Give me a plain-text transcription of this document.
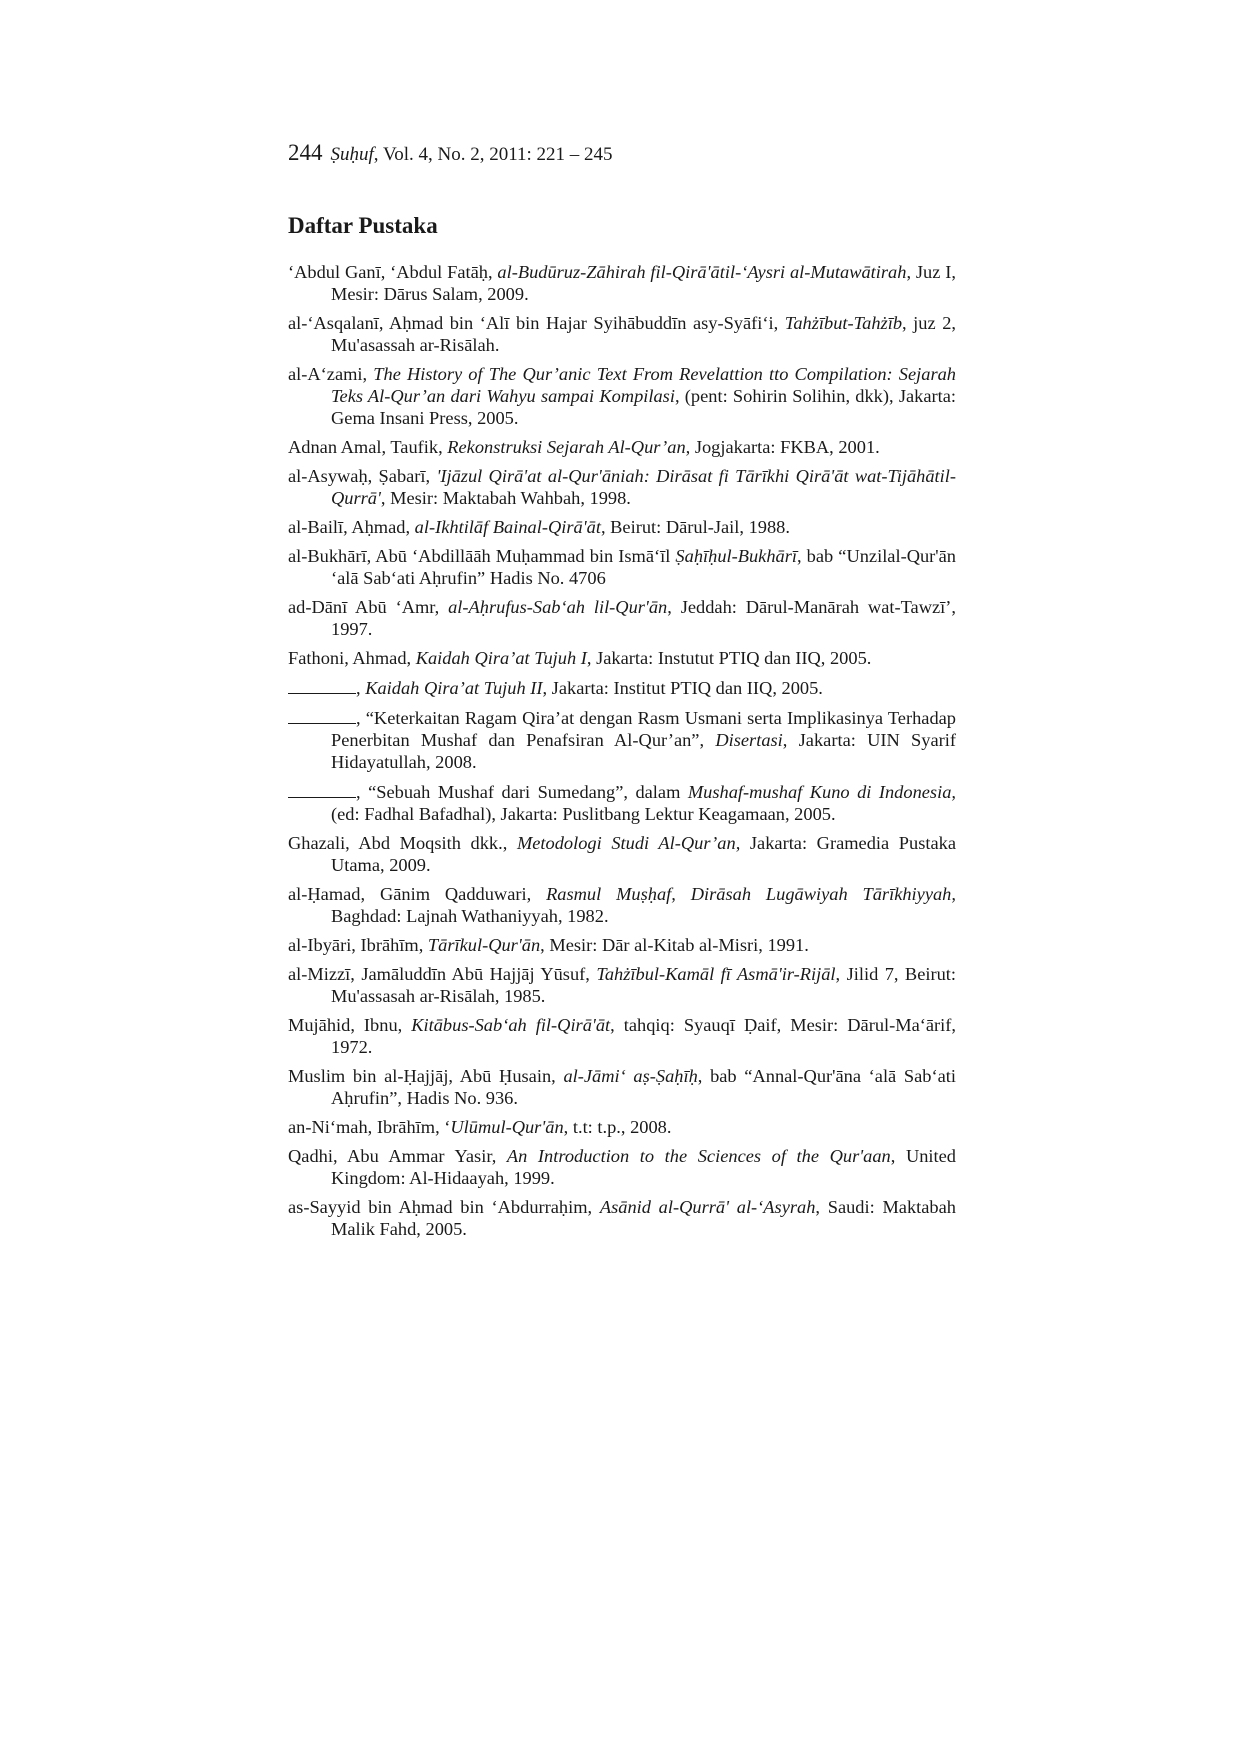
244 Ṣuḥuf, Vol. 4, No. 2, 2011: 221 – 245
Daftar Pustaka
‘Abdul Ganī, ‘Abdul Fatāḥ, al-Budūruz-Zāhirah fil-Qirā'ātil-‘Aysri al-Mutawātirah, Juz I, Mesir: Dārus Salam, 2009.
al-‘Asqalanī, Aḥmad bin ‘Alī bin Hajar Syihābuddīn asy-Syāfi‘i, Tahżībut-Tahżīb, juz 2, Mu'asassah ar-Risālah.
al-A‘zami, The History of The Qur’anic Text From Revelattion tto Compilation: Sejarah Teks Al-Qur’an dari Wahyu sampai Kompilasi, (pent: Sohirin Solihin, dkk), Jakarta: Gema Insani Press, 2005.
Adnan Amal, Taufik, Rekonstruksi Sejarah Al-Qur’an, Jogjakarta: FKBA, 2001.
al-Asywaḥ, Ṣabarī, 'Ijāzul Qirā'at al-Qur'āniah: Dirāsat fi Tārīkhi Qirā'āt wat-Tijāhātil-Qurrā', Mesir: Maktabah Wahbah, 1998.
al-Bailī, Aḥmad, al-Ikhtilāf Bainal-Qirā'āt, Beirut: Dārul-Jail, 1988.
al-Bukhārī, Abū ‘Abdillāāh Muḥammad bin Ismā‘īl Ṣaḥīḥul-Bukhārī, bab “Unzilal-Qur'ān ‘alā Sab‘ati Aḥrufin” Hadis No. 4706
ad-Dānī Abū ‘Amr, al-Aḥrufus-Sab‘ah lil-Qur'ān, Jeddah: Dārul-Manārah wat-Tawzī’, 1997.
Fathoni, Ahmad, Kaidah Qira’at Tujuh I, Jakarta: Instutut PTIQ dan IIQ, 2005.
, Kaidah Qira’at Tujuh II, Jakarta: Institut PTIQ dan IIQ, 2005.
, “Keterkaitan Ragam Qira’at dengan Rasm Usmani serta Implikasinya Terhadap Penerbitan Mushaf dan Penafsiran Al-Qur’an”, Disertasi, Jakarta: UIN Syarif Hidayatullah, 2008.
, “Sebuah Mushaf dari Sumedang”, dalam Mushaf-mushaf Kuno di Indonesia, (ed: Fadhal Bafadhal), Jakarta: Puslitbang Lektur Keagamaan, 2005.
Ghazali, Abd Moqsith dkk., Metodologi Studi Al-Qur’an, Jakarta: Gramedia Pustaka Utama, 2009.
al-Ḥamad, Gānim Qadduwari, Rasmul Muṣḥaf, Dirāsah Lugāwiyah Tārīkhiyyah, Baghdad: Lajnah Wathaniyyah, 1982.
al-Ibyāri, Ibrāhīm, Tārīkul-Qur'ān, Mesir: Dār al-Kitab al-Misri, 1991.
al-Mizzī, Jamāluddīn Abū Hajjāj Yūsuf, Tahżībul-Kamāl fī Asmā'ir-Rijāl, Jilid 7, Beirut: Mu'assasah ar-Risālah, 1985.
Mujāhid, Ibnu, Kitābus-Sab‘ah fil-Qirā'āt, tahqiq: Syauqī Ḍaif, Mesir: Dārul-Ma‘ārif, 1972.
Muslim bin al-Ḥajjāj, Abū Ḥusain, al-Jāmi‘ aṣ-Ṣaḥīḥ, bab “Annal-Qur'āna ‘alā Sab‘ati Aḥrufin”, Hadis No. 936.
an-Ni‘mah, Ibrāhīm, ‘Ulūmul-Qur'ān, t.t: t.p., 2008.
Qadhi, Abu Ammar Yasir, An Introduction to the Sciences of the Qur'aan, United Kingdom: Al-Hidaayah, 1999.
as-Sayyid bin Aḥmad bin ‘Abdurraḥim, Asānid al-Qurrā' al-‘Asyrah, Saudi: Maktabah Malik Fahd, 2005.
